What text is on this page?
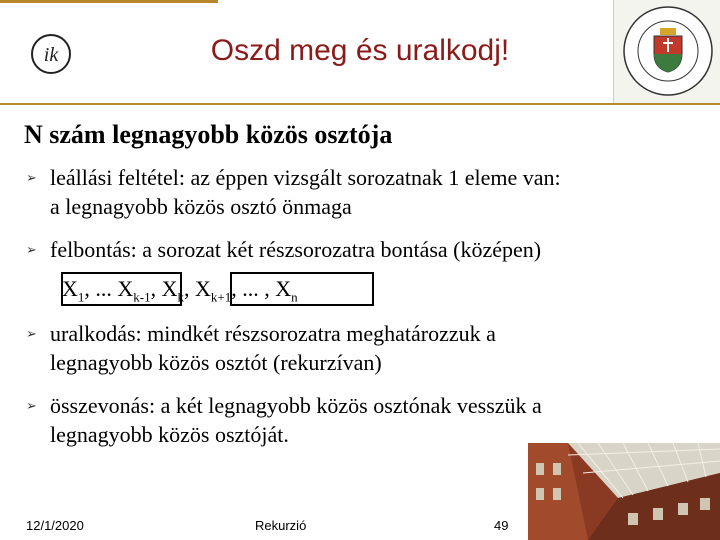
ik	Oszd meg és uralkodj!
N szám legnagyobb közös osztója
➢ leállási feltétel: az éppen vizsgált sorozatnak 1 eleme van:
a legnagyobb közös osztó önmaga
➢ felbontás: a sorozat két részsorozatra bontása (középen)
$X_1$, ... $X_{k-1}$, $X_k$, $X_{k+1}$, ... , $X_n$
➢ uralkodás: mindkét részsorozatra meghatározzuk a
legnagyobb közös osztót (rekurzívan)
➢ összevonás: a két legnagyobb közös osztónak vesszük a
legnagyobb közös osztóját.
12/1/2020	Rekurzió	49
